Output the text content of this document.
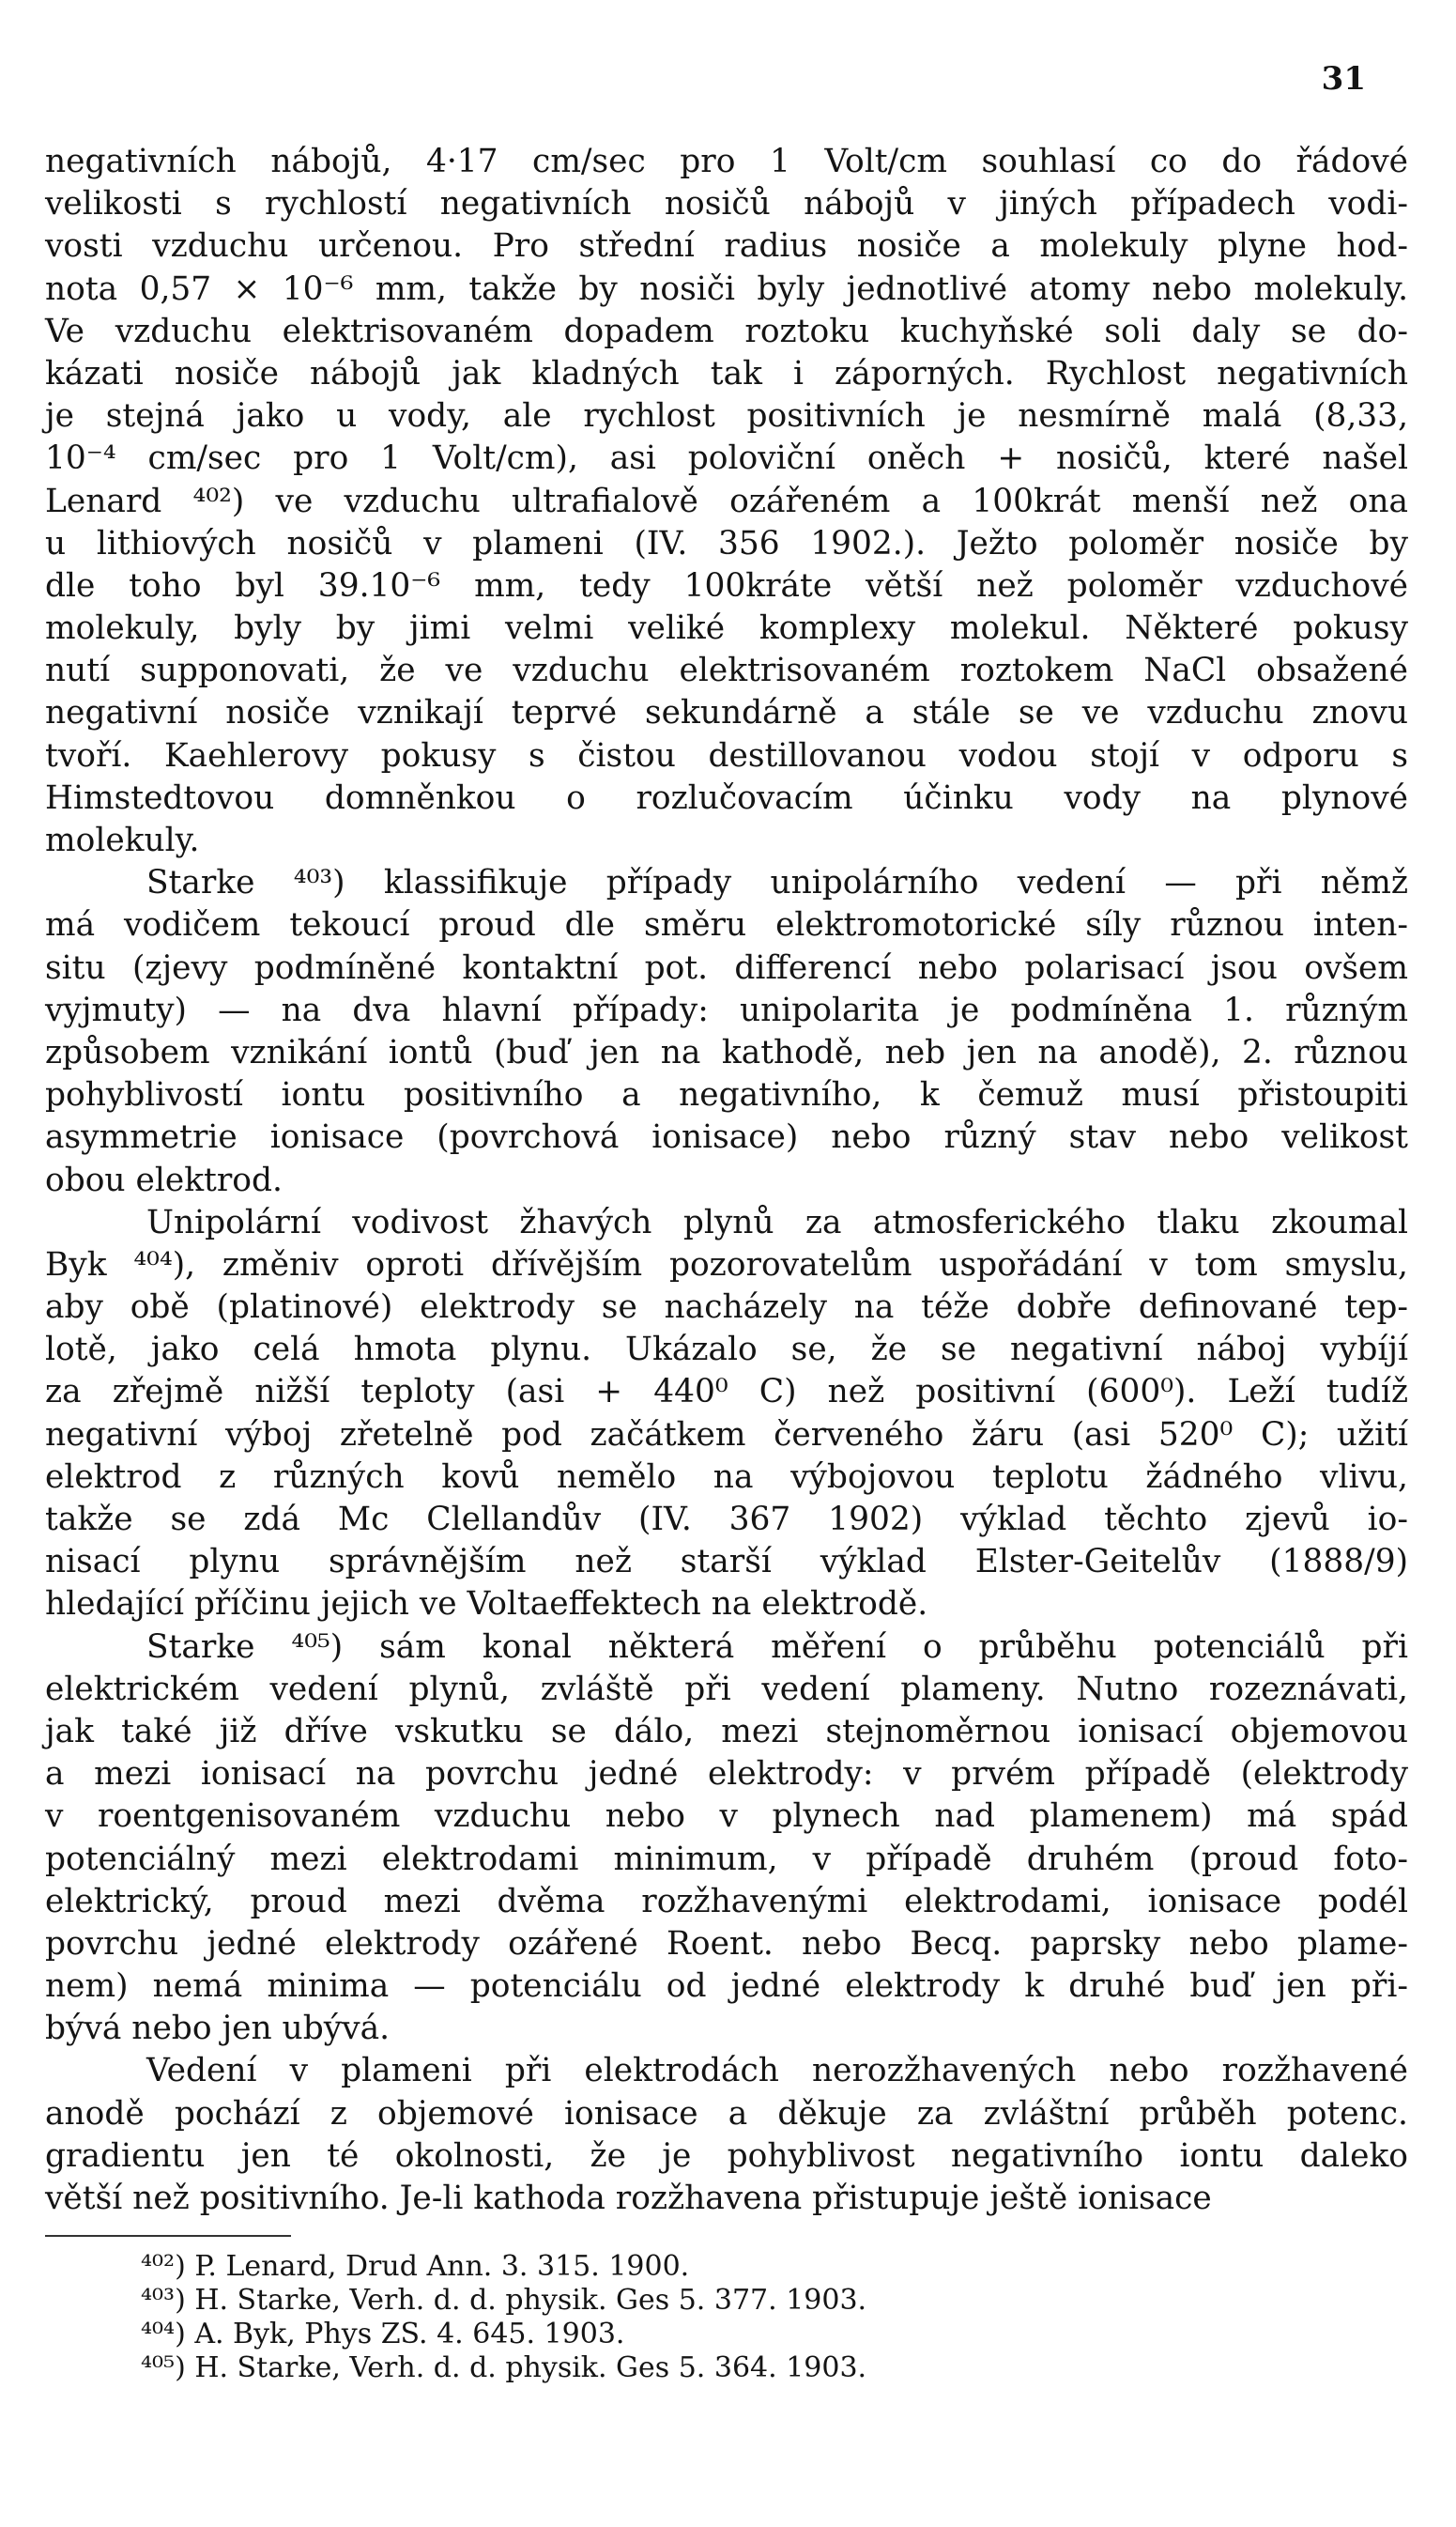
31
negativních nábojů, 4·17 cm/sec pro 1 Volt/cm souhlasí co do řádové
velikosti s rychlostí negativních nosičů nábojů v jiných případech vodi-
vosti vzduchu určenou. Pro střední radius nosiče a molekuly plyne hod-
nota 0,57 × 10⁻⁶ mm, takže by nosiči byly jednotlivé atomy nebo molekuly.
Ve vzduchu elektrisovaném dopadem roztoku kuchyňské soli daly se do-
kázati nosiče nábojů jak kladných tak i záporných. Rychlost negativních
je stejná jako u vody, ale rychlost positivních je nesmírně malá (8,33,
10⁻⁴ cm/sec pro 1 Volt/cm), asi poloviční oněch + nosičů, které našel
Lenard ⁴⁰²) ve vzduchu ultrafialově ozářeném a 100krát menší než ona
u lithiových nosičů v plameni (IV. 356 1902.). Ježto poloměr nosiče by
dle toho byl 39.10⁻⁶ mm, tedy 100kráte větší než poloměr vzduchové
molekuly, byly by jimi velmi veliké komplexy molekul. Některé pokusy
nutí supponovati, že ve vzduchu elektrisovaném roztokem NaCl obsažené
negativní nosiče vznikají teprvé sekundárně a stále se ve vzduchu znovu
tvoří. Kaehlerovy pokusy s čistou destillovanou vodou stojí v odporu s
Himstedtovou domněnkou o rozlučovacím účinku vody na plynové
molekuly.
Starke ⁴⁰³) klassifikuje případy unipolárního vedení — při němž
má vodičem tekoucí proud dle směru elektromotorické síly různou inten-
situ (zjevy podmíněné kontaktní pot. differencí nebo polarisací jsou ovšem
vyjmuty) — na dva hlavní případy: unipolarita je podmíněna 1. různým
způsobem vznikání iontů (buď jen na kathodě, neb jen na anodě), 2. různou
pohyblivostí iontu positivního a negativního, k čemuž musí přistoupiti
asymmetrie ionisace (povrchová ionisace) nebo různý stav nebo velikost
obou elektrod.
Unipolární vodivost žhavých plynů za atmosferického tlaku zkoumal
Byk ⁴⁰⁴), změniv oproti dřívějším pozorovatelům uspořádání v tom smyslu,
aby obě (platinové) elektrody se nacházely na téže dobře definované tep-
lotě, jako celá hmota plynu. Ukázalo se, že se negativní náboj vybíjí
za zřejmě nižší teploty (asi + 440⁰ C) než positivní (600⁰). Leží tudíž
negativní výboj zřetelně pod začátkem červeného žáru (asi 520⁰ C); užití
elektrod z různých kovů nemělo na výbojovou teplotu žádného vlivu,
takže se zdá Mc Clellandův (IV. 367 1902) výklad těchto zjevů io-
nisací plynu správnějším než starší výklad Elster-Geitelův (1888/9)
hledající příčinu jejich ve Voltaeffektech na elektrodě.
Starke ⁴⁰⁵) sám konal některá měření o průběhu potenciálů při
elektrickém vedení plynů, zvláště při vedení plameny. Nutno rozeznávati,
jak také již dříve vskutku se dálo, mezi stejnoměrnou ionisací objemovou
a mezi ionisací na povrchu jedné elektrody: v prvém případě (elektrody
v roentgenisovaném vzduchu nebo v plynech nad plamenem) má spád
potenciálný mezi elektrodami minimum, v případě druhém (proud foto-
elektrický, proud mezi dvěma rozžhavenými elektrodami, ionisace podél
povrchu jedné elektrody ozářené Roent. nebo Becq. paprsky nebo plame-
nem) nemá minima — potenciálu od jedné elektrody k druhé buď jen při-
bývá nebo jen ubývá.
Vedení v plameni při elektrodách nerozžhavených nebo rozžhavené
anodě pochází z objemové ionisace a děkuje za zvláštní průběh potenc.
gradientu jen té okolnosti, že je pohyblivost negativního iontu daleko
větší než positivního. Je-li kathoda rozžhavena přistupuje ještě ionisace
⁴⁰²) P. Lenard, Drud Ann. 3. 315. 1900.
⁴⁰³) H. Starke, Verh. d. d. physik. Ges 5. 377. 1903.
⁴⁰⁴) A. Byk, Phys ZS. 4. 645. 1903.
⁴⁰⁵) H. Starke, Verh. d. d. physik. Ges 5. 364. 1903.
